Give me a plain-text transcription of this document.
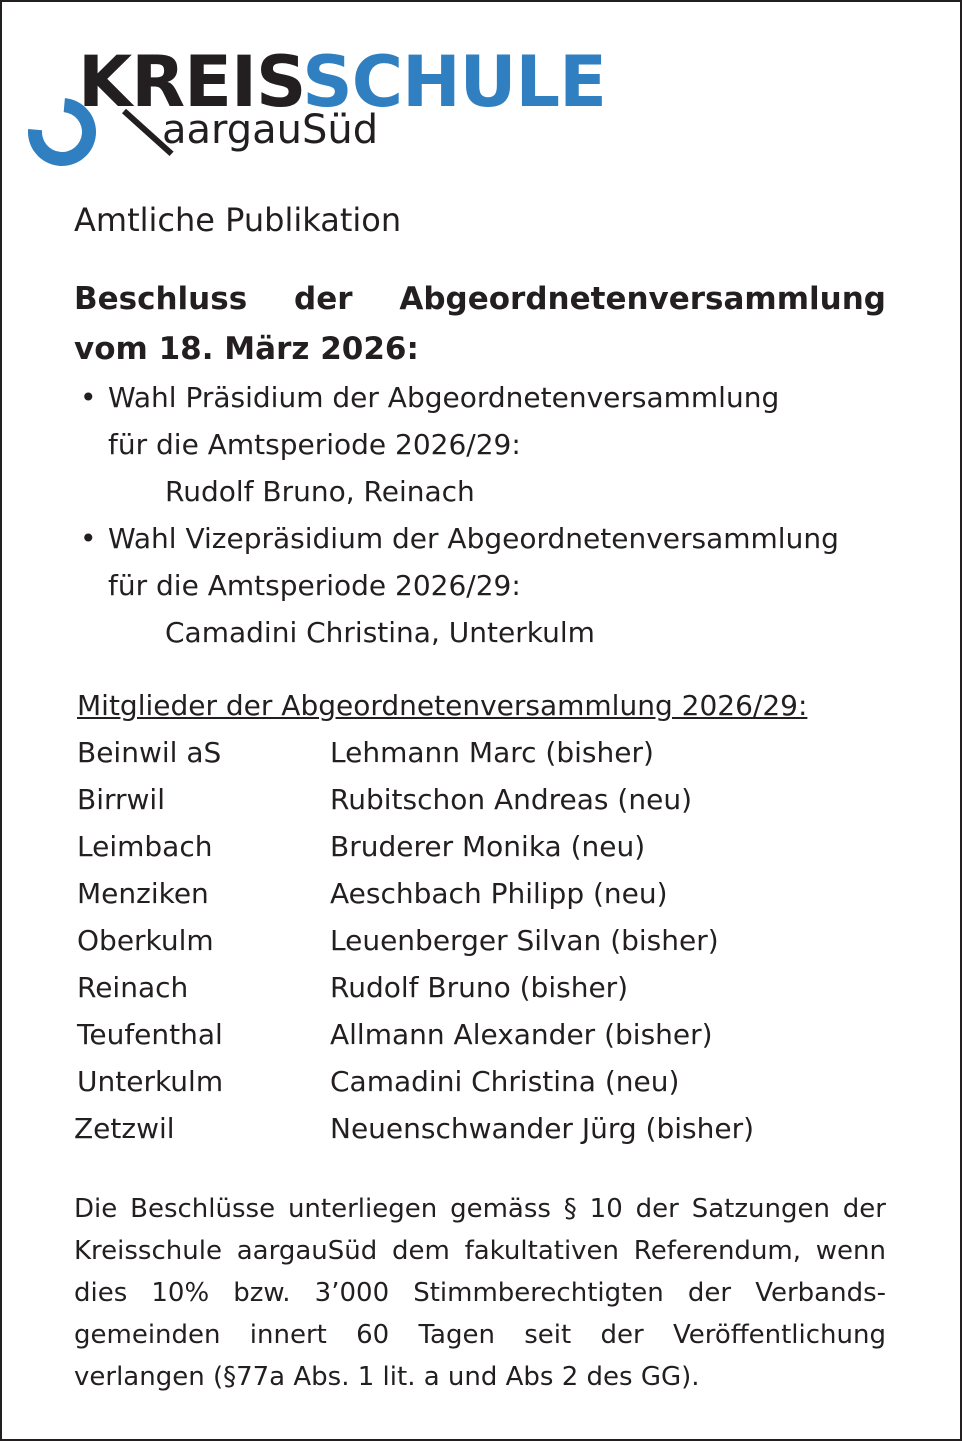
KREISSCHULE
aargauSüd

Amtliche Publikation

Beschluss der Abgeordnetenversammlung
vom 18. März 2026:
• Wahl Präsidium der Abgeordnetenversammlung
für die Amtsperiode 2026/29:
Rudolf Bruno, Reinach
• Wahl Vizepräsidium der Abgeordnetenversammlung
für die Amtsperiode 2026/29:
Camadini Christina, Unterkulm
Mitglieder der Abgeordnetenversammlung 2026/29:
Beinwil aS	Lehmann Marc (bisher)
Birrwil	Rubitschon Andreas (neu)
Leimbach	Bruderer Monika (neu)
Menziken	Aeschbach Philipp (neu)
Oberkulm	Leuenberger Silvan (bisher)
Reinach	Rudolf Bruno (bisher)
Teufenthal	Allmann Alexander (bisher)
Unterkulm	Camadini Christina (neu)
Zetzwil	Neuenschwander Jürg (bisher)
Die Beschlüsse unterliegen gemäss § 10 der Satzungen der
Kreisschule aargauSüd dem fakultativen Referendum, wenn
dies 10% bzw. 3’000 Stimmberechtigten der Verbands-
gemeinden innert 60 Tagen seit der Veröffentlichung
verlangen (§77a Abs. 1 lit. a und Abs 2 des GG).
